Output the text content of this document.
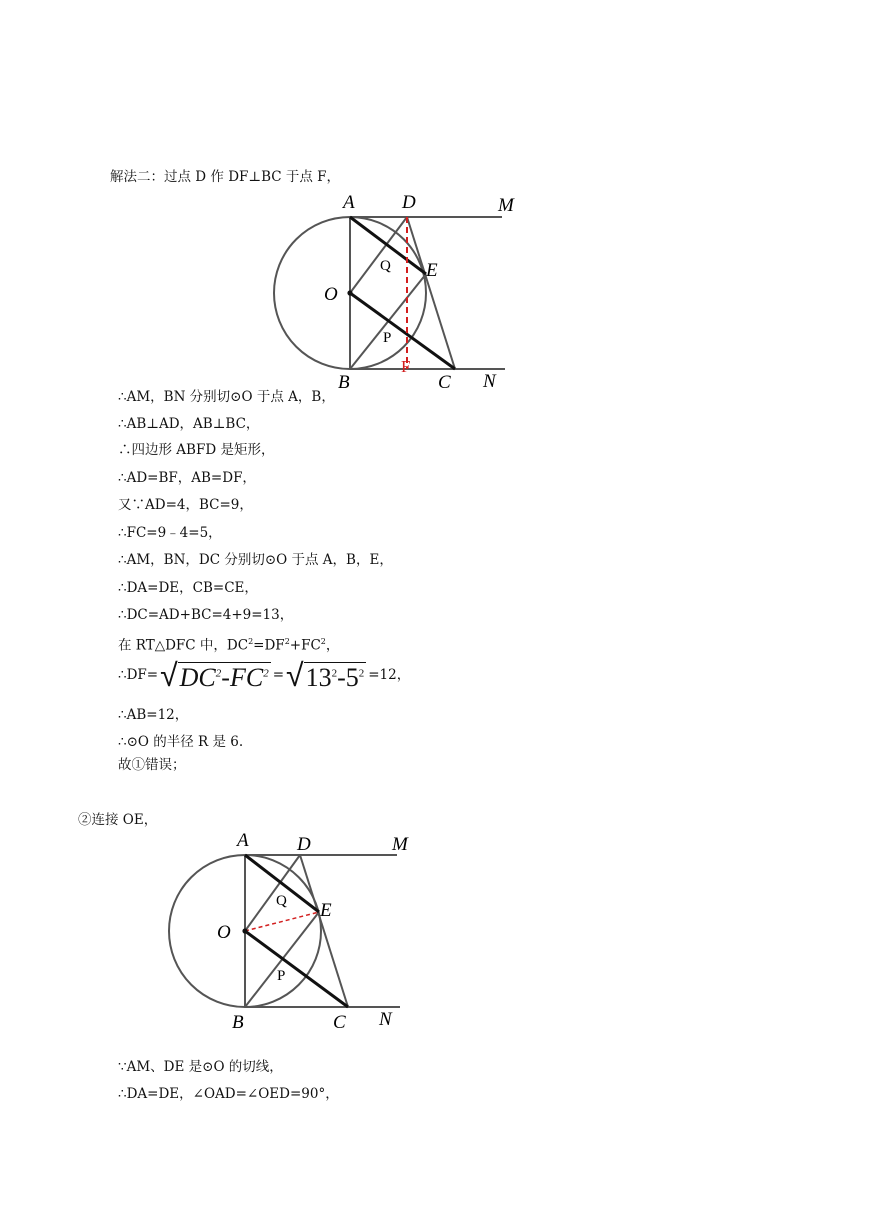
解法二：过点 D 作 DF⊥BC 于点 F，
A D	M
Q E
O
P
B
F
C N
∴AM，BN 分别切⊙O 于点 A，B，
∴AB⊥AD，AB⊥BC，
∴四边形 ABFD 是矩形，
∴AD=BF，AB=DF，
又∵AD=4，BC=9，
∴FC=9﹣4=5，
∴AM，BN，DC 分别切⊙O 于点 A，B，E，
∴DA=DE，CB=CE，
∴DC=AD+BC=4+9=13，
在 RT△DFC 中，$DC^2=DF^2+FC^2$，
∴DF= √ $DC^2-FC^2$ = √ $13^2-5^2 =12$，
∴AB=12，
∴⊙O 的半径 R 是 6.
故①错误；
②连接 OE，
A	D	M
Q E
O
P
B	C N
∵AM、DE 是⊙O 的切线，
∴DA=DE，∠OAD=∠OED=90°，
